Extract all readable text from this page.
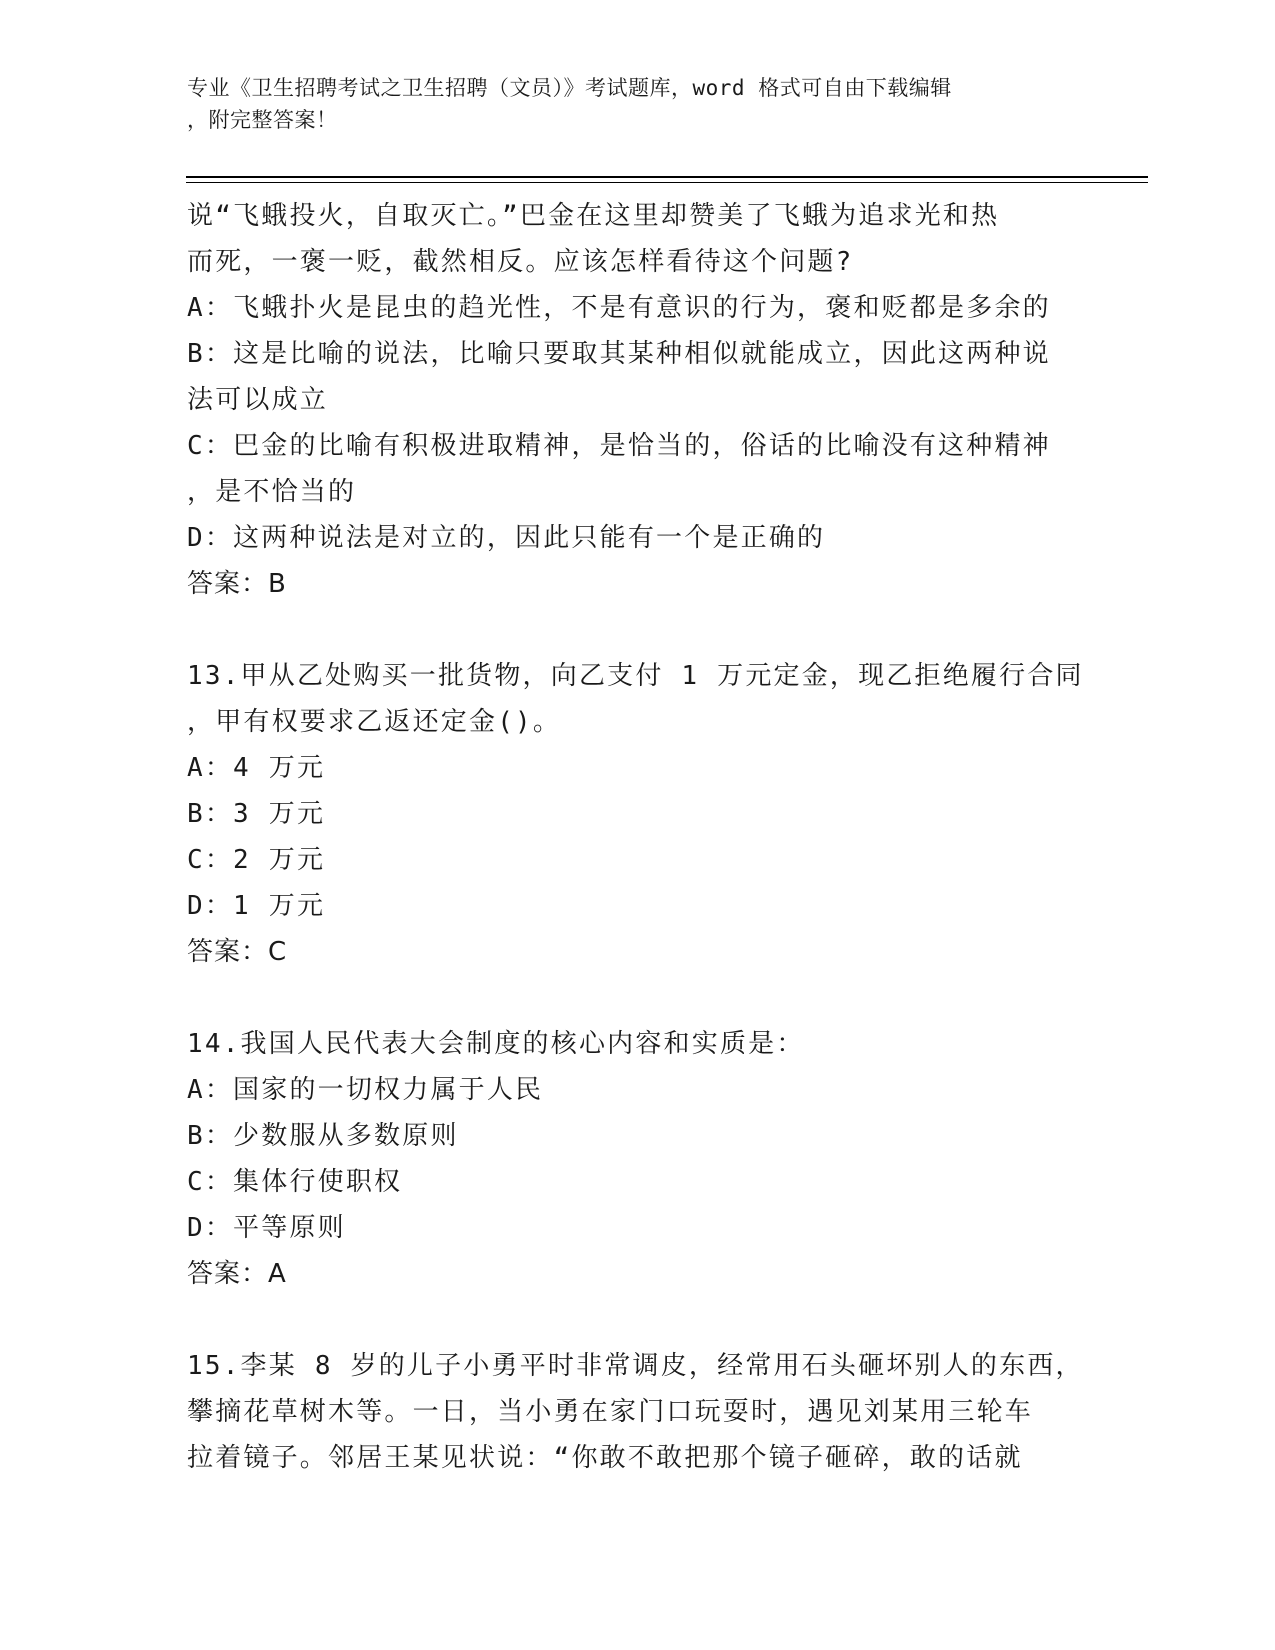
专业《卫生招聘考试之卫生招聘（文员）》考试题库，word 格式可自由下载编辑
，附完整答案！
说“飞蛾投火，自取灭亡。”巴金在这里却赞美了飞蛾为追求光和热
而死，一褒一贬，截然相反。应该怎样看待这个问题?
A：飞蛾扑火是昆虫的趋光性，不是有意识的行为，褒和贬都是多余的
B：这是比喻的说法，比喻只要取其某种相似就能成立，因此这两种说
法可以成立
C：巴金的比喻有积极进取精神，是恰当的，俗话的比喻没有这种精神
，是不恰当的
D：这两种说法是对立的，因此只能有一个是正确的
答案：B
13.甲从乙处购买一批货物，向乙支付 1 万元定金，现乙拒绝履行合同
，甲有权要求乙返还定金()。
A：4 万元
B：3 万元
C：2 万元
D：1 万元
答案：C
14.我国人民代表大会制度的核心内容和实质是：
A：国家的一切权力属于人民
B：少数服从多数原则
C：集体行使职权
D：平等原则
答案：A
15.李某 8 岁的儿子小勇平时非常调皮，经常用石头砸坏别人的东西，
攀摘花草树木等。一日，当小勇在家门口玩耍时，遇见刘某用三轮车
拉着镜子。邻居王某见状说：“你敢不敢把那个镜子砸碎，敢的话就
